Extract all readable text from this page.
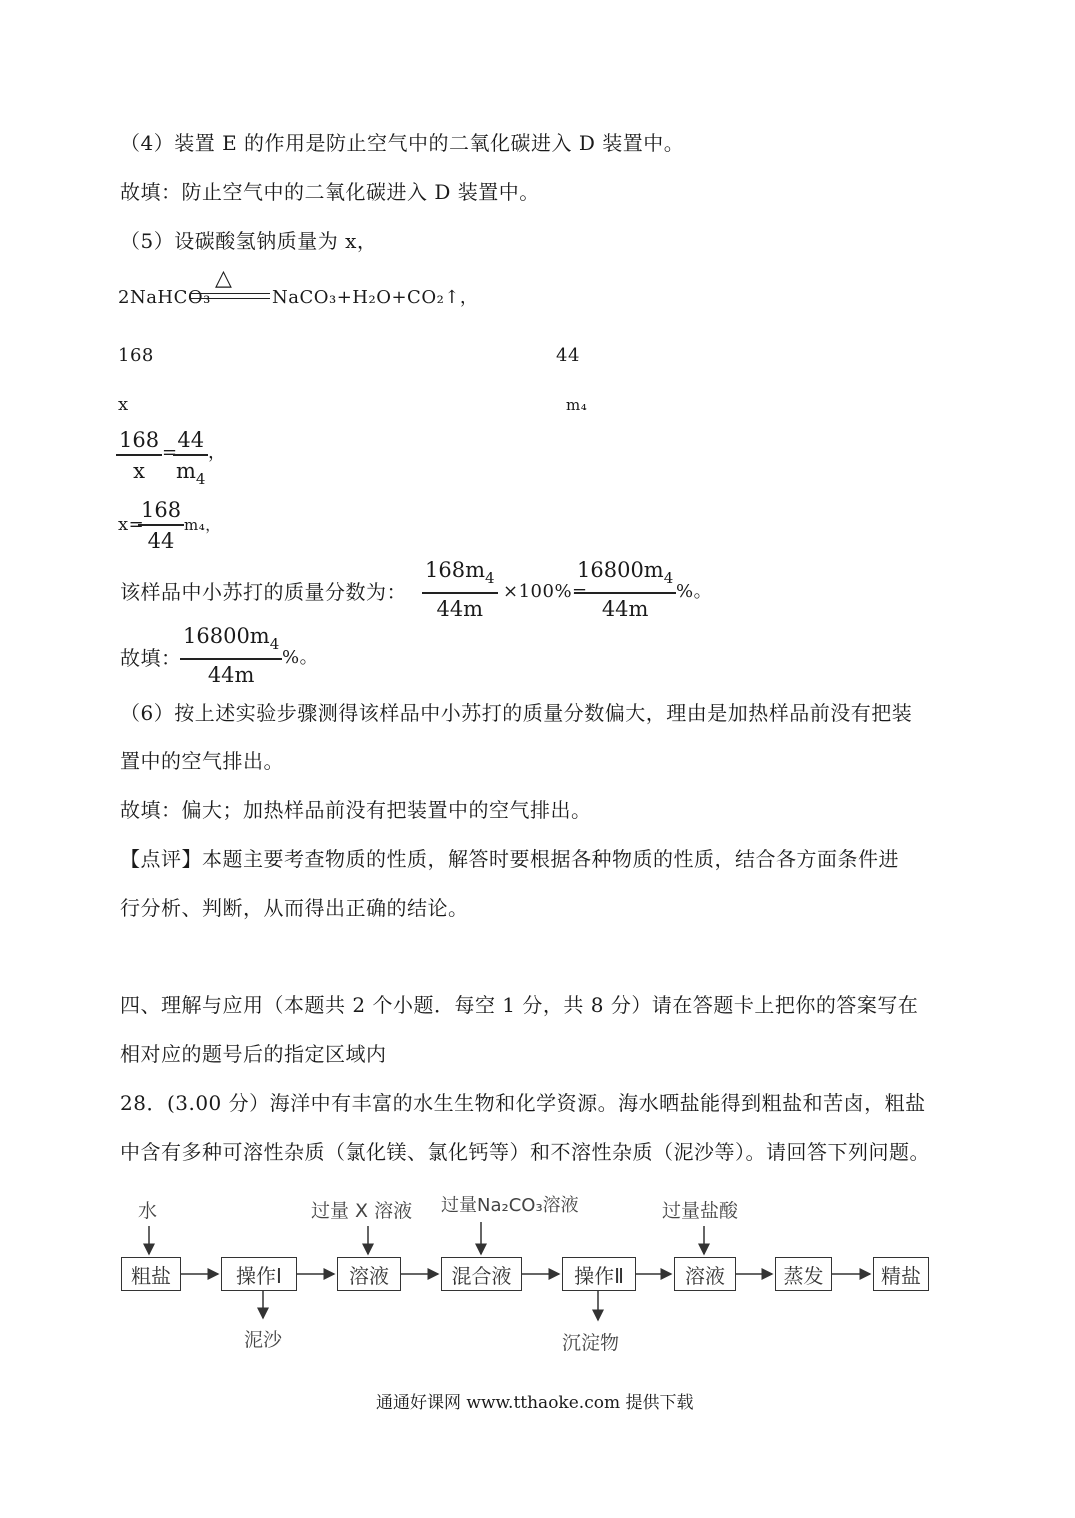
（4）装置 E 的作用是防止空气中的二氧化碳进入 D 装置中。
故填：防止空气中的二氧化碳进入 D 装置中。
（5）设碳酸氢钠质量为 x，
2NaHCO₃
△
NaCO₃+H₂O+CO₂↑，
168	44
x	m₄
168
x
=
44
$m_4$
，
x=
168
44
m₄，
该样品中小苏打的质量分数为：
$168m_4$
44m
×100%=
$16800m_4$
44m
%。
故填：
$16800m_4$
44m
%。
（6）按上述实验步骤测得该样品中小苏打的质量分数偏大，理由是加热样品前没有把装
置中的空气排出。
故填：偏大；加热样品前没有把装置中的空气排出。
【点评】本题主要考查物质的性质，解答时要根据各种物质的性质，结合各方面条件进
行分析、判断，从而得出正确的结论。
四、理解与应用（本题共 2 个小题．每空 1 分，共 8 分）请在答题卡上把你的答案写在
相对应的题号后的指定区域内
28．(3.00 分）海洋中有丰富的水生生物和化学资源。海水晒盐能得到粗盐和苦卤，粗盐
中含有多种可溶性杂质（氯化镁、氯化钙等）和不溶性杂质（泥沙等）。请回答下列问题。
粗盐	操作Ⅰ	溶液	混合液	操作Ⅱ	溶液	蒸发	精盐
水	过量 X 溶液 过量Na₂CO₃溶液	过量盐酸
泥沙	沉淀物
通通好课网 www.tthaoke.com 提供下载
